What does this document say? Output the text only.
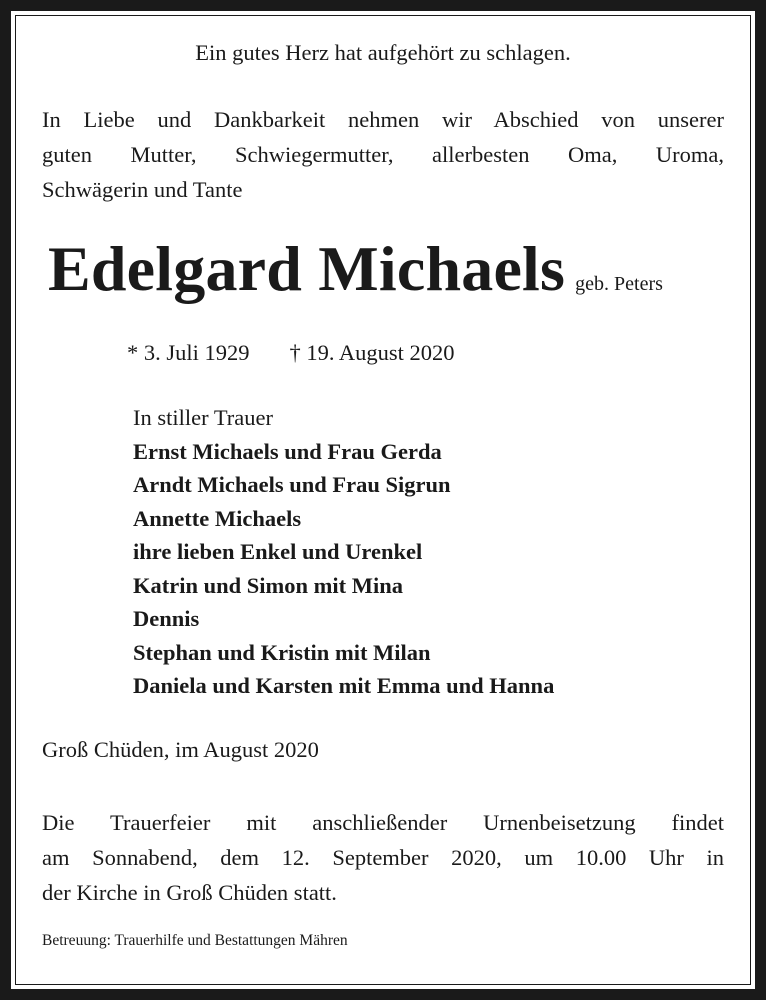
Ein gutes Herz hat aufgehört zu schlagen.
In Liebe und Dankbarkeit nehmen wir Abschied von unserer
guten Mutter, Schwiegermutter, allerbesten Oma, Uroma,
Schwägerin und Tante
Edelgard Michaels geb. Peters
* 3. Juli 1929 † 19. August 2020
In stiller Trauer
Ernst Michaels und Frau Gerda
Arndt Michaels und Frau Sigrun
Annette Michaels
ihre lieben Enkel und Urenkel
Katrin und Simon mit Mina
Dennis
Stephan und Kristin mit Milan
Daniela und Karsten mit Emma und Hanna
Groß Chüden, im August 2020
Die Trauerfeier mit anschließender Urnenbeisetzung findet
am Sonnabend, dem 12. September 2020, um 10.00 Uhr in
der Kirche in Groß Chüden statt.
Betreuung: Trauerhilfe und Bestattungen Mähren
